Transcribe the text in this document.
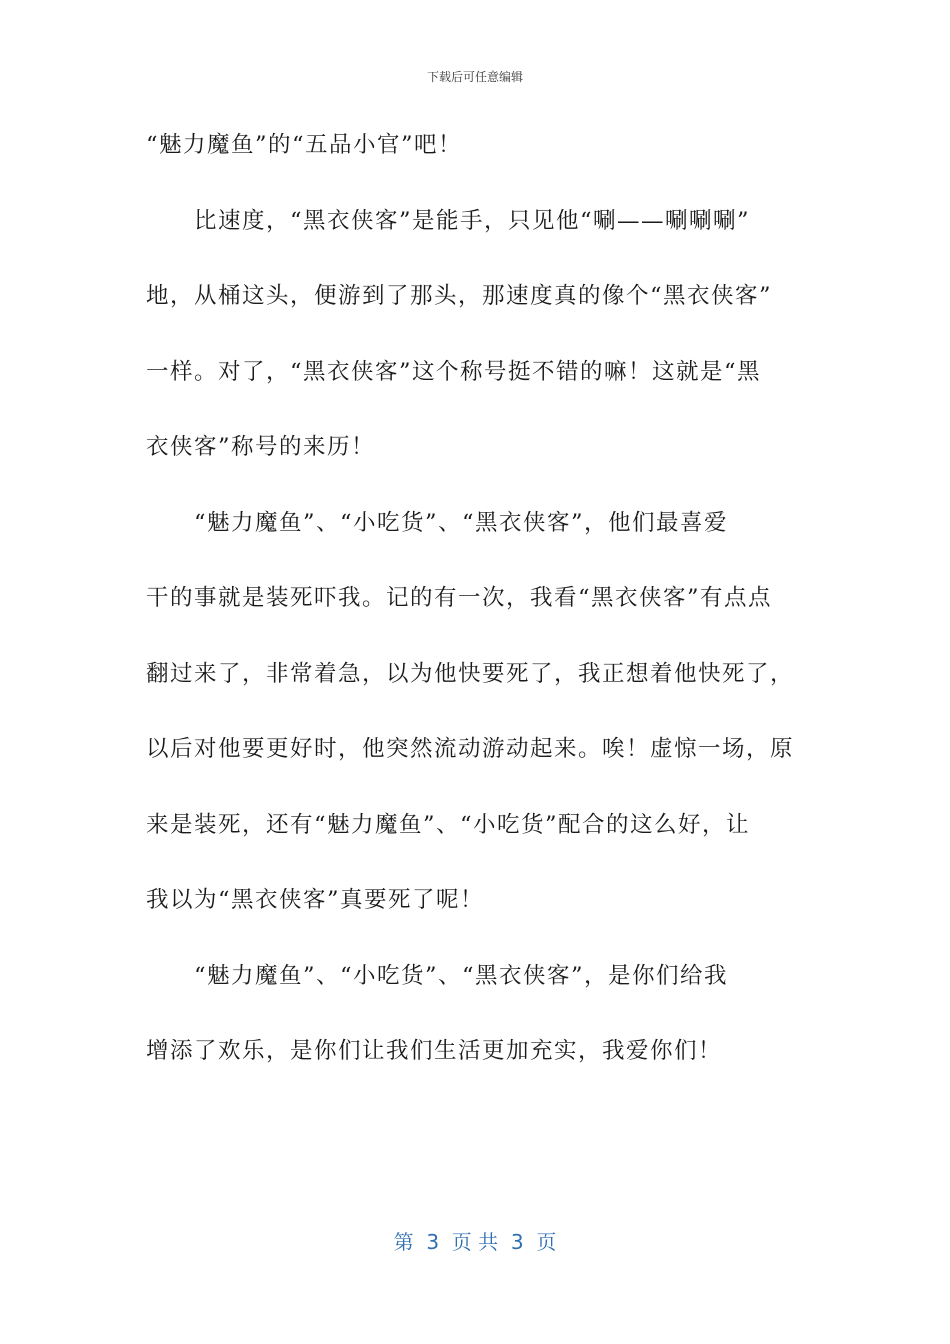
下载后可任意编辑
“魅力魔鱼”的“五品小官”吧！
比速度，“黑衣侠客”是能手，只见他“唰——唰唰唰”
地，从桶这头，便游到了那头，那速度真的像个“黑衣侠客”
一样。对了，“黑衣侠客”这个称号挺不错的嘛！这就是“黑
衣侠客”称号的来历！
“魅力魔鱼”、“小吃货”、“黑衣侠客”，他们最喜爱
干的事就是装死吓我。记的有一次，我看“黑衣侠客”有点点
翻过来了，非常着急，以为他快要死了，我正想着他快死了，
以后对他要更好时，他突然流动游动起来。唉！虚惊一场，原
来是装死，还有“魅力魔鱼”、“小吃货”配合的这么好，让
我以为“黑衣侠客”真要死了呢！
“魅力魔鱼”、“小吃货”、“黑衣侠客”，是你们给我
增添了欢乐，是你们让我们生活更加充实，我爱你们！
第  3  页 共  3  页
